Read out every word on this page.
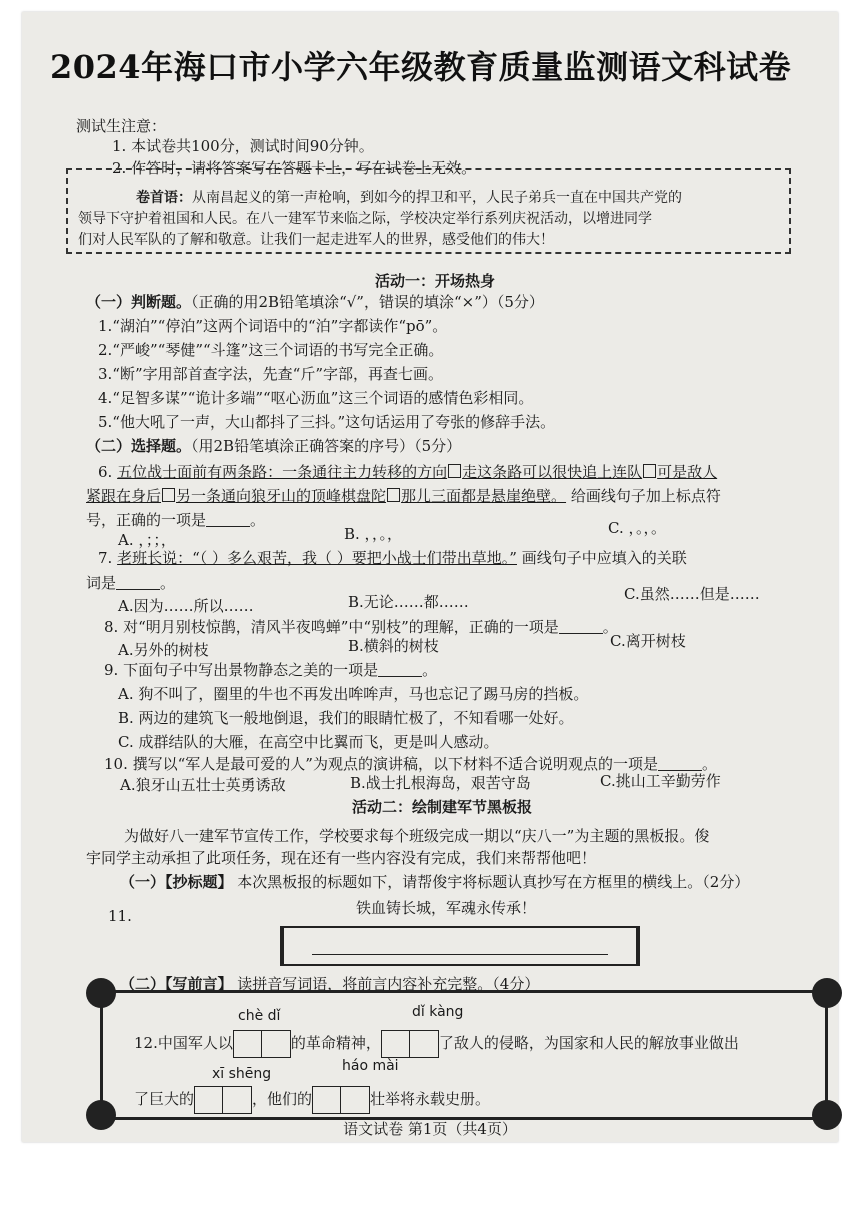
2024年海口市小学六年级教育质量监测语文科试卷
测试生注意：
1. 本试卷共100分，测试时间90分钟。
2. 作答时，请将答案写在答题卡上，写在试卷上无效。
卷首语：从南昌起义的第一声枪响，到如今的捍卫和平，人民子弟兵一直在中国共产党的
领导下守护着祖国和人民。在八一建军节来临之际，学校决定举行系列庆祝活动，以增进同学
们对人民军队的了解和敬意。让我们一起走进军人的世界，感受他们的伟大！
活动一：开场热身
（一）判断题。（正确的用2B铅笔填涂“√”，错误的填涂“×”）（5分）
1.“湖泊”“停泊”这两个词语中的“泊”字都读作“pō”。
2.“严峻”“琴健”“斗篷”这三个词语的书写完全正确。
3.“断”字用部首查字法，先查“斤”字部，再查七画。
4.“足智多谋”“诡计多端”“呕心沥血”这三个词语的感情色彩相同。
5.“他大吼了一声，大山都抖了三抖。”这句话运用了夸张的修辞手法。
（二）选择题。（用2B铅笔填涂正确答案的序号）（5分）
6. 五位战士面前有两条路：一条通往主力转移的方向 走这条路可以很快追上连队 可是敌人
紧跟在身后 另一条通向狼牙山的顶峰棋盘陀 那儿三面都是悬崖绝壁。 给画线句子加上标点符
号，正确的一项是	。
A. ，；；，	B. ，，。，	C. ，。，。
7. 老班长说：“（ ）多么艰苦，我（ ）要把小战士们带出草地。” 画线句子中应填入的关联
词是	。
A.因为……所以……	B.无论……都……	C.虽然……但是……
8. 对“明月别枝惊鹊，清风半夜鸣蝉”中“别枝”的理解，正确的一项是	。
A.另外的树枝	B.横斜的树枝	C.离开树枝
9. 下面句子中写出景物静态之美的一项是	。
A. 狗不叫了，圈里的牛也不再发出哞哞声，马也忘记了踢马房的挡板。
B. 两边的建筑飞一般地倒退，我们的眼睛忙极了，不知看哪一处好。
C. 成群结队的大雁，在高空中比翼而飞，更是叫人感动。
10. 撰写以“军人是最可爱的人”为观点的演讲稿，以下材料不适合说明观点的一项是	。
A.狼牙山五壮士英勇诱敌	B.战士扎根海岛，艰苦守岛	C.挑山工辛勤劳作
活动二：绘制建军节黑板报
为做好八一建军节宣传工作，学校要求每个班级完成一期以“庆八一”为主题的黑板报。俊
宇同学主动承担了此项任务，现在还有一些内容没有完成，我们来帮帮他吧！
（一）【抄标题】 本次黑板报的标题如下，请帮俊宇将标题认真抄写在方框里的横线上。（2分）
11.	铁血铸长城，军魂永传承！
（二）【写前言】 读拼音写词语，将前言内容补充完整。（4分）
chè dǐ	dǐ kàng
12.中国军人以	的革命精神，	了敌人的侵略，为国家和人民的解放事业做出
xī shēng	háo mài
了巨大的	，他们的	壮举将永载史册。
语文试卷 第1页（共4页）
